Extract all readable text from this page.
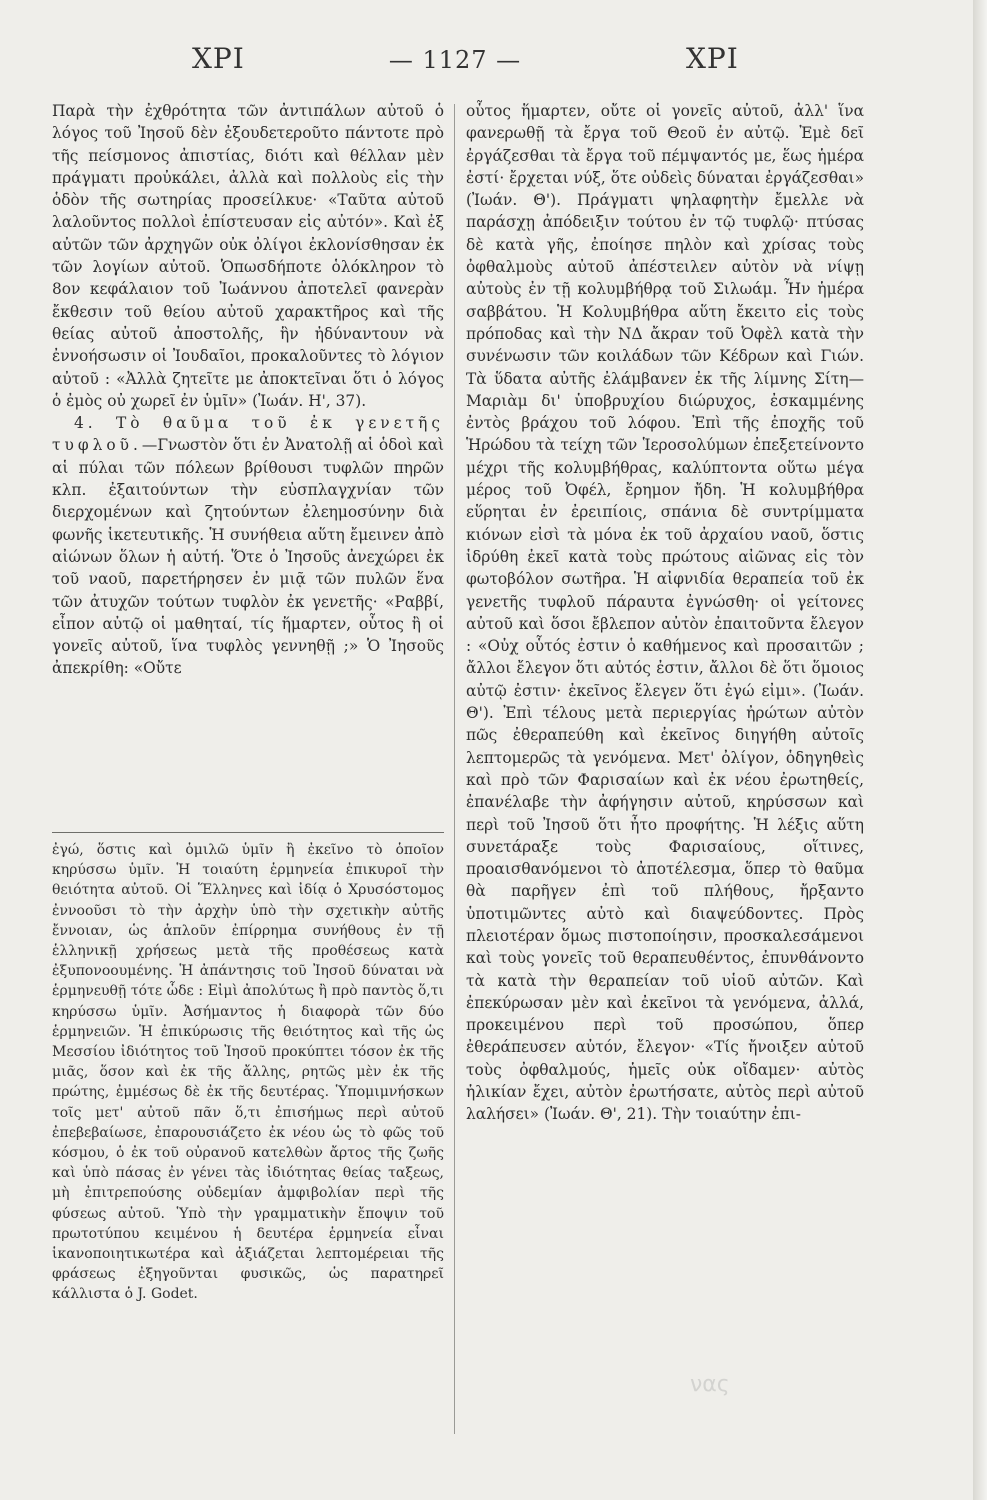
ΧΡΙ	— 1127 —	ΧΡΙ

Παρὰ τὴν ἐχθρότητα τῶν ἀντιπάλων αὐτοῦ ὁ λόγος τοῦ Ἰησοῦ δὲν ἐξουδετεροῦτο πάντοτε πρὸ τῆς πείσμονος ἀπιστίας, διότι καὶ θέλλαν μὲν πράγματι προὐκάλει, ἀλλὰ καὶ πολλοὺς εἰς τὴν ὁδὸν τῆς σωτηρίας προσείλκυε· «Ταῦτα αὐτοῦ λαλοῦντος πολλοὶ ἐπίστευσαν εἰς αὐτόν». Καὶ ἐξ αὐτῶν τῶν ἀρχηγῶν οὐκ ὀλίγοι ἐκλονίσθησαν ἐκ τῶν λογίων αὐτοῦ. Ὁπωσδήποτε ὁλόκληρον τὸ 8ον κεφάλαιον τοῦ Ἰωάννου ἀποτελεῖ φανερὰν ἔκθεσιν τοῦ θείου αὐτοῦ χαρακτῆρος καὶ τῆς θείας αὐτοῦ ἀποστολῆς, ἣν ἠδύναντουν νὰ ἐννοήσωσιν οἱ Ἰουδαῖοι, προκαλοῦντες τὸ λόγιον αὐτοῦ : «Ἀλλὰ ζητεῖτε με ἀποκτεῖναι ὅτι ὁ λόγος ὁ ἐμὸς οὐ χωρεῖ ἐν ὑμῖν» (Ἰωάν. Η', 37).

4. Τὸ θαῦμα τοῦ ἐκ γενετῆς τυφλοῦ.—Γνωστὸν ὅτι ἐν Ἀνατολῇ αἱ ὁδοὶ καὶ αἱ πύλαι τῶν πόλεων βρίθουσι τυφλῶν πηρῶν κλπ. ἐξαιτούντων τὴν εὐσπλαγχνίαν τῶν διερχομένων καὶ ζητούντων ἐλεημοσύνην διὰ φωνῆς ἱκετευτικῆς. Ἡ συνήθεια αὕτη ἔμεινεν ἀπὸ αἰώνων ὅλων ἡ αὐτή. Ὅτε ὁ Ἰησοῦς ἀνεχώρει ἐκ τοῦ ναοῦ, παρετήρησεν ἐν μιᾷ τῶν πυλῶν ἕνα τῶν ἀτυχῶν τούτων τυφλὸν ἐκ γενετῆς· «Ραββί, εἶπον αὐτῷ οἱ μαθηταί, τίς ἥμαρτεν, οὗτος ἢ οἱ γονεῖς αὐτοῦ, ἵνα τυφλὸς γεννηθῇ ;» Ὁ Ἰησοῦς ἀπεκρίθη: «Οὔτε

ἐγώ, ὅστις καὶ ὁμιλῶ ὑμῖν ἢ ἐκεῖνο τὸ ὁποῖον κηρύσσω ὑμῖν. Ἡ τοιαύτη ἑρμηνεία ἐπικυροῖ τὴν θειότητα αὐτοῦ. Οἱ Ἕλληνες καὶ ἰδίᾳ ὁ Χρυσόστομος ἐννοοῦσι τὸ τὴν ἀρχὴν ὑπὸ τὴν σχετικὴν αὐτῆς ἔννοιαν, ὡς ἁπλοῦν ἐπίρρημα συνήθους ἐν τῇ ἑλληνικῇ χρήσεως μετὰ τῆς προθέσεως κατὰ ἐξυπονοουμένης. Ἡ ἀπάντησις τοῦ Ἰησοῦ δύναται νὰ ἑρμηνευθῇ τότε ὧδε : Εἰμὶ ἀπολύτως ἢ πρὸ παντὸς ὅ,τι κηρύσσω ὑμῖν. Ἀσήμαντος ἡ διαφορὰ τῶν δύο ἑρμηνειῶν. Ἡ ἐπικύρωσις τῆς θειότητος καὶ τῆς ὡς Μεσσίου ἰδιότητος τοῦ Ἰησοῦ προκύπτει τόσον ἐκ τῆς μιᾶς, ὅσον καὶ ἐκ τῆς ἄλλης, ρητῶς μὲν ἐκ τῆς πρώτης, ἐμμέσως δὲ ἐκ τῆς δευτέρας. Ὑπομιμνήσκων τοῖς μετ' αὐτοῦ πᾶν ὅ,τι ἐπισήμως περὶ αὐτοῦ ἐπεβεβαίωσε, ἐπαρουσιάζετο ἐκ νέου ὡς τὸ φῶς τοῦ κόσμου, ὁ ἐκ τοῦ οὐρανοῦ κατελθὼν ἄρτος τῆς ζωῆς καὶ ὑπὸ πάσας ἐν γένει τὰς ἰδιότητας θείας ταξεως, μὴ ἐπιτρεπούσης οὐδεμίαν ἀμφιβολίαν περὶ τῆς φύσεως αὐτοῦ. Ὑπὸ τὴν γραμματικὴν ἔποψιν τοῦ πρωτοτύπου κειμένου ἡ δευτέρα ἑρμηνεία εἶναι ἱκανοποιητικωτέρα καὶ ἀξιάζεται λεπτομέρειαι τῆς φράσεως ἐξηγοῦνται φυσικῶς, ὡς παρατηρεῖ κάλλιστα ὁ J. Godet.

οὗτος ἥμαρτεν, οὔτε οἱ γονεῖς αὐτοῦ, ἀλλ' ἵνα φανερωθῇ τὰ ἔργα τοῦ Θεοῦ ἐν αὐτῷ. Ἐμὲ δεῖ ἐργάζεσθαι τὰ ἔργα τοῦ πέμψαντός με, ἕως ἡμέρα ἐστί· ἔρχεται νύξ, ὅτε οὐδεὶς δύναται ἐργάζεσθαι» (Ἰωάν. Θ'). Πράγματι ψηλαφητὴν ἔμελλε νὰ παράσχῃ ἀπόδειξιν τούτου ἐν τῷ τυφλῷ· πτύσας δὲ κατὰ γῆς, ἐποίησε πηλὸν καὶ χρίσας τοὺς ὀφθαλμοὺς αὐτοῦ ἀπέστειλεν αὐτὸν νὰ νίψῃ αὐτοὺς ἐν τῇ κολυμβήθρᾳ τοῦ Σιλωάμ. Ἦν ἡμέρα σαββάτου. Ἡ Κολυμβήθρα αὕτη ἔκειτο εἰς τοὺς πρόποδας καὶ τὴν ΝΔ ἄκραν τοῦ Ὀφὲλ κατὰ τὴν συνένωσιν τῶν κοιλάδων τῶν Κέδρων καὶ Γιών. Τὰ ὕδατα αὐτῆς ἐλάμβανεν ἐκ τῆς λίμνης Σίτη—Μαριὰμ δι' ὑποβρυχίου διώρυχος, ἐσκαμμένης ἐντὸς βράχου τοῦ λόφου. Ἐπὶ τῆς ἐποχῆς τοῦ Ἡρώδου τὰ τείχη τῶν Ἱεροσολύμων ἐπεξετείνοντο μέχρι τῆς κολυμβήθρας, καλύπτοντα οὕτω μέγα μέρος τοῦ Ὀφέλ, ἔρημον ἤδη. Ἡ κολυμβήθρα εὕρηται ἐν ἐρειπίοις, σπάνια δὲ συντρίμματα κιόνων εἰσὶ τὰ μόνα ἐκ τοῦ ἀρχαίου ναοῦ, ὅστις ἱδρύθη ἐκεῖ κατὰ τοὺς πρώτους αἰῶνας εἰς τὸν φωτοβόλον σωτῆρα. Ἡ αἰφνιδία θεραπεία τοῦ ἐκ γενετῆς τυφλοῦ πάραυτα ἐγνώσθη· οἱ γείτονες αὐτοῦ καὶ ὅσοι ἔβλεπον αὐτὸν ἐπαιτοῦντα ἔλεγον : «Οὐχ οὗτός ἐστιν ὁ καθήμενος καὶ προσαιτῶν ; ἄλλοι ἔλεγον ὅτι αὐτός ἐστιν, ἄλλοι δὲ ὅτι ὅμοιος αὐτῷ ἐστιν· ἐκεῖνος ἔλεγεν ὅτι ἐγώ εἰμι». (Ἰωάν. Θ'). Ἐπὶ τέλους μετὰ περιεργίας ἠρώτων αὐτὸν πῶς ἐθεραπεύθη καὶ ἐκεῖνος διηγήθη αὐτοῖς λεπτομερῶς τὰ γενόμενα. Μετ' ὀλίγον, ὁδηγηθεὶς καὶ πρὸ τῶν Φαρισαίων καὶ ἐκ νέου ἐρωτηθείς, ἐπανέλαβε τὴν ἀφήγησιν αὐτοῦ, κηρύσσων καὶ περὶ τοῦ Ἰησοῦ ὅτι ἦτο προφήτης. Ἡ λέξις αὕτη συνετάραξε τοὺς Φαρισαίους, οἵτινες, προαισθανόμενοι τὸ ἀποτέλεσμα, ὅπερ τὸ θαῦμα θὰ παρῆγεν ἐπὶ τοῦ πλήθους, ἤρξαντο ὑποτιμῶντες αὐτὸ καὶ διαψεύδοντες. Πρὸς πλειοτέραν ὅμως πιστοποίησιν, προσκαλεσάμενοι καὶ τοὺς γονεῖς τοῦ θεραπευθέντος, ἐπυνθάνοντο τὰ κατὰ τὴν θεραπείαν τοῦ υἱοῦ αὐτῶν. Καὶ ἐπεκύρωσαν μὲν καὶ ἐκεῖνοι τὰ γενόμενα, ἀλλά, προκειμένου περὶ τοῦ προσώπου, ὅπερ ἐθεράπευσεν αὐτόν, ἔλεγον· «Τίς ἤνοιξεν αὐτοῦ τοὺς ὀφθαλμούς, ἡμεῖς οὐκ οἴδαμεν· αὐτὸς ἡλικίαν ἔχει, αὐτὸν ἐρωτήσατε, αὐτὸς περὶ αὐτοῦ λαλήσει» (Ἰωάν. Θ', 21). Τὴν τοιαύτην ἐπι-

νας
